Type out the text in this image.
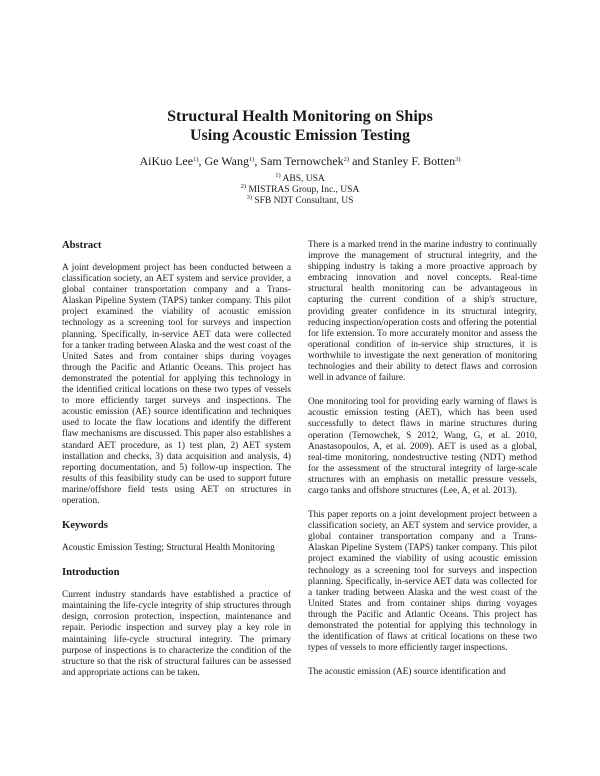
Structural Health Monitoring on Ships
Using Acoustic Emission Testing
AiKuo Lee$^{1)}$, Ge Wang$^{1)}$, Sam Ternowchek$^{2)}$ and Stanley F. Botten$^{3)}$
$^{1)}$ ABS, USA
$^{2)}$ MISTRAS Group, Inc., USA
$^{3)}$ SFB NDT Consultant, US
Abstract

A joint development project has been conducted between a classification society, an AET system and service provider, a global container transportation company and a Trans-Alaskan Pipeline System (TAPS) tanker company. This pilot project examined the viability of acoustic emission technology as a screening tool for surveys and inspection planning. Specifically, in-service AET data were collected for a tanker trading between Alaska and the west coast of the United Sates and from container ships during voyages through the Pacific and Atlantic Oceans. This project has demonstrated the potential for applying this technology in the identified critical locations on these two types of vessels to more efficiently target surveys and inspections. The acoustic emission (AE) source identification and techniques used to locate the flaw locations and identify the different flaw mechanisms are discussed. This paper also establishes a standard AET procedure, as 1) test plan, 2) AET system installation and checks, 3) data acquisition and analysis, 4) reporting documentation, and 5) follow-up inspection. The results of this feasibility study can be used to support future marine/offshore field tests using AET on structures in operation.

Keywords

Acoustic Emission Testing; Structural Health Monitoring

Introduction

Current industry standards have established a practice of maintaining the life-cycle integrity of ship structures through design, corrosion protection, inspection, maintenance and repair. Periodic inspection and survey play a key role in maintaining life-cycle structural integrity. The primary purpose of inspections is to characterize the condition of the structure so that the risk of structural failures can be assessed and appropriate actions can be taken.

There is a marked trend in the marine industry to continually improve the management of structural integrity, and the shipping industry is taking a more proactive approach by embracing innovation and novel concepts. Real-time structural health monitoring can be advantageous in capturing the current condition of a ship's structure, providing greater confidence in its structural integrity, reducing inspection/operation costs and offering the potential for life extension. To more accurately monitor and assess the operational condition of in-service ship structures, it is worthwhile to investigate the next generation of monitoring technologies and their ability to detect flaws and corrosion well in advance of failure.

One monitoring tool for providing early warning of flaws is acoustic emission testing (AET), which has been used successfully to detect flaws in marine structures during operation (Ternowchek, S 2012, Wang, G, et al. 2010, Anastasopoulos, A, et al. 2009). AET is used as a global, real-time monitoring, nondestructive testing (NDT) method for the assessment of the structural integrity of large-scale structures with an emphasis on metallic pressure vessels, cargo tanks and offshore structures (Lee, A, et al. 2013).

This paper reports on a joint development project between a classification society, an AET system and service provider, a global container transportation company and a Trans-Alaskan Pipeline System (TAPS) tanker company. This pilot project examined the viability of using acoustic emission technology as a screening tool for surveys and inspection planning. Specifically, in-service AET data was collected for a tanker trading between Alaska and the west coast of the United States and from container ships during voyages through the Pacific and Atlantic Oceans. This project has demonstrated the potential for applying this technology in the identification of flaws at critical locations on these two types of vessels to more efficiently target inspections.

The acoustic emission (AE) source identification and
